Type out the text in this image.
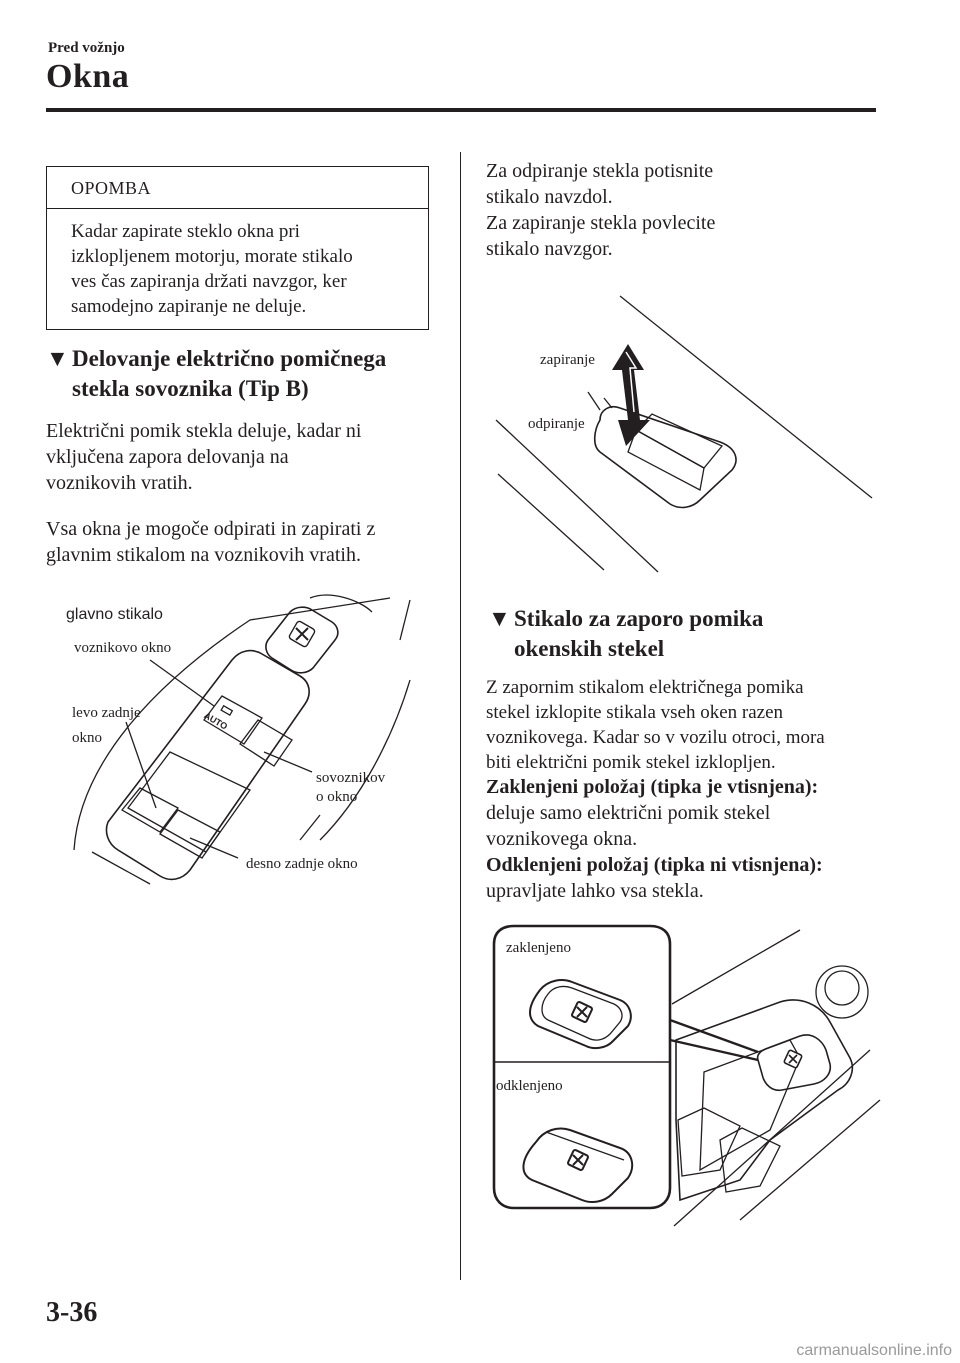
Pred vožnjo
Okna
OPOMBA
Kadar zapirate steklo okna pri
izklopljenem motorju, morate stikalo
ves čas zapiranja držati navzgor, ker
samodejno zapiranje ne deluje.
▼ Delovanje električno pomičnega
stekla sovoznika (Tip B)
Električni pomik stekla deluje, kadar ni
vključena zapora delovanja na
voznikovih vratih.
Vsa okna je mogoče odpirati in zapirati z
glavnim stikalom na voznikovih vratih.
glavno stikalo
voznikovo okno
levo zadnje
okno
sovoznikov
o okno
desno zadnje okno
AUTO
Za odpiranje stekla potisnite
stikalo navzdol.
Za zapiranje stekla povlecite
stikalo navzgor.
zapiranje
odpiranje
▼ Stikalo za zaporo pomika
okenskih stekel
Z zapornim stikalom električnega pomika
stekel izklopite stikala vseh oken razen
voznikovega. Kadar so v vozilu otroci, mora
biti električni pomik stekel izklopljen.
Zaklenjeni položaj (tipka je vtisnjena):
deluje samo električni pomik stekel
voznikovega okna.
Odklenjeni položaj (tipka ni vtisnjena):
upravljate lahko vsa stekla.
zaklenjeno
odklenjeno
3-36
carmanualsonline.info
